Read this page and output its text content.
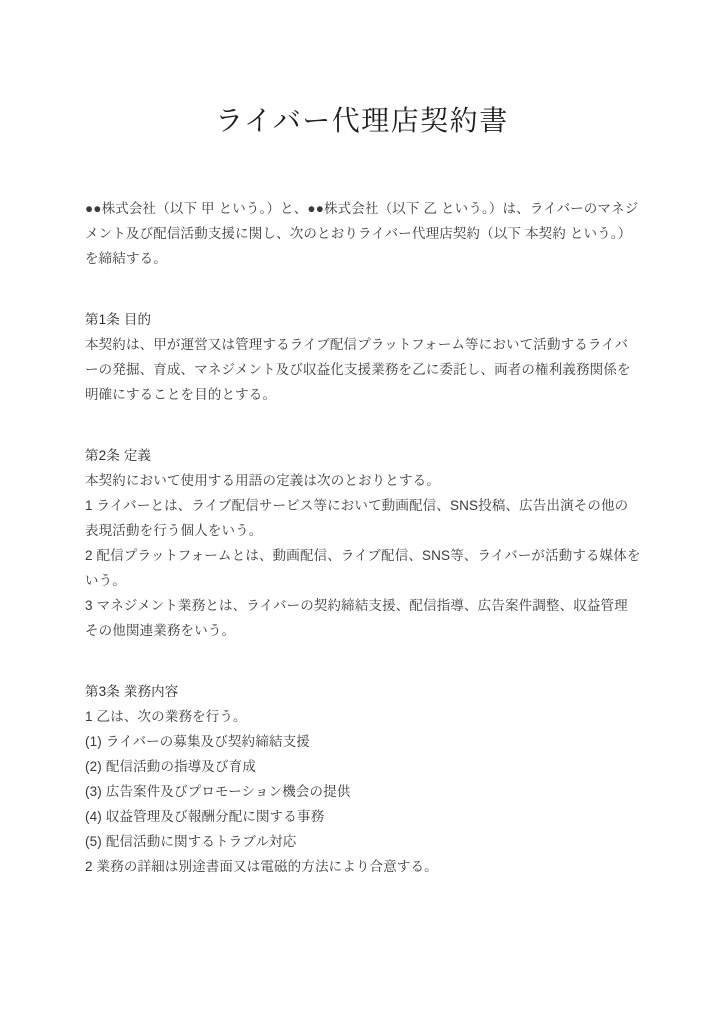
ライバー代理店契約書

●●株式会社（以下 甲 という。）と、●●株式会社（以下 乙 という。）は、ライバーのマネジメント及び配信活動支援に関し、次のとおりライバー代理店契約（以下 本契約 という。）を締結する。

第1条 目的

本契約は、甲が運営又は管理するライブ配信プラットフォーム等において活動するライバーの発掘、育成、マネジメント及び収益化支援業務を乙に委託し、両者の権利義務関係を明確にすることを目的とする。

第2条 定義

本契約において使用する用語の定義は次のとおりとする。

1 ライバーとは、ライブ配信サービス等において動画配信、SNS投稿、広告出演その他の表現活動を行う個人をいう。

2 配信プラットフォームとは、動画配信、ライブ配信、SNS等、ライバーが活動する媒体をいう。

3 マネジメント業務とは、ライバーの契約締結支援、配信指導、広告案件調整、収益管理その他関連業務をいう。

第3条 業務内容

1 乙は、次の業務を行う。

(1) ライバーの募集及び契約締結支援

(2) 配信活動の指導及び育成

(3) 広告案件及びプロモーション機会の提供

(4) 収益管理及び報酬分配に関する事務

(5) 配信活動に関するトラブル対応

2 業務の詳細は別途書面又は電磁的方法により合意する。
